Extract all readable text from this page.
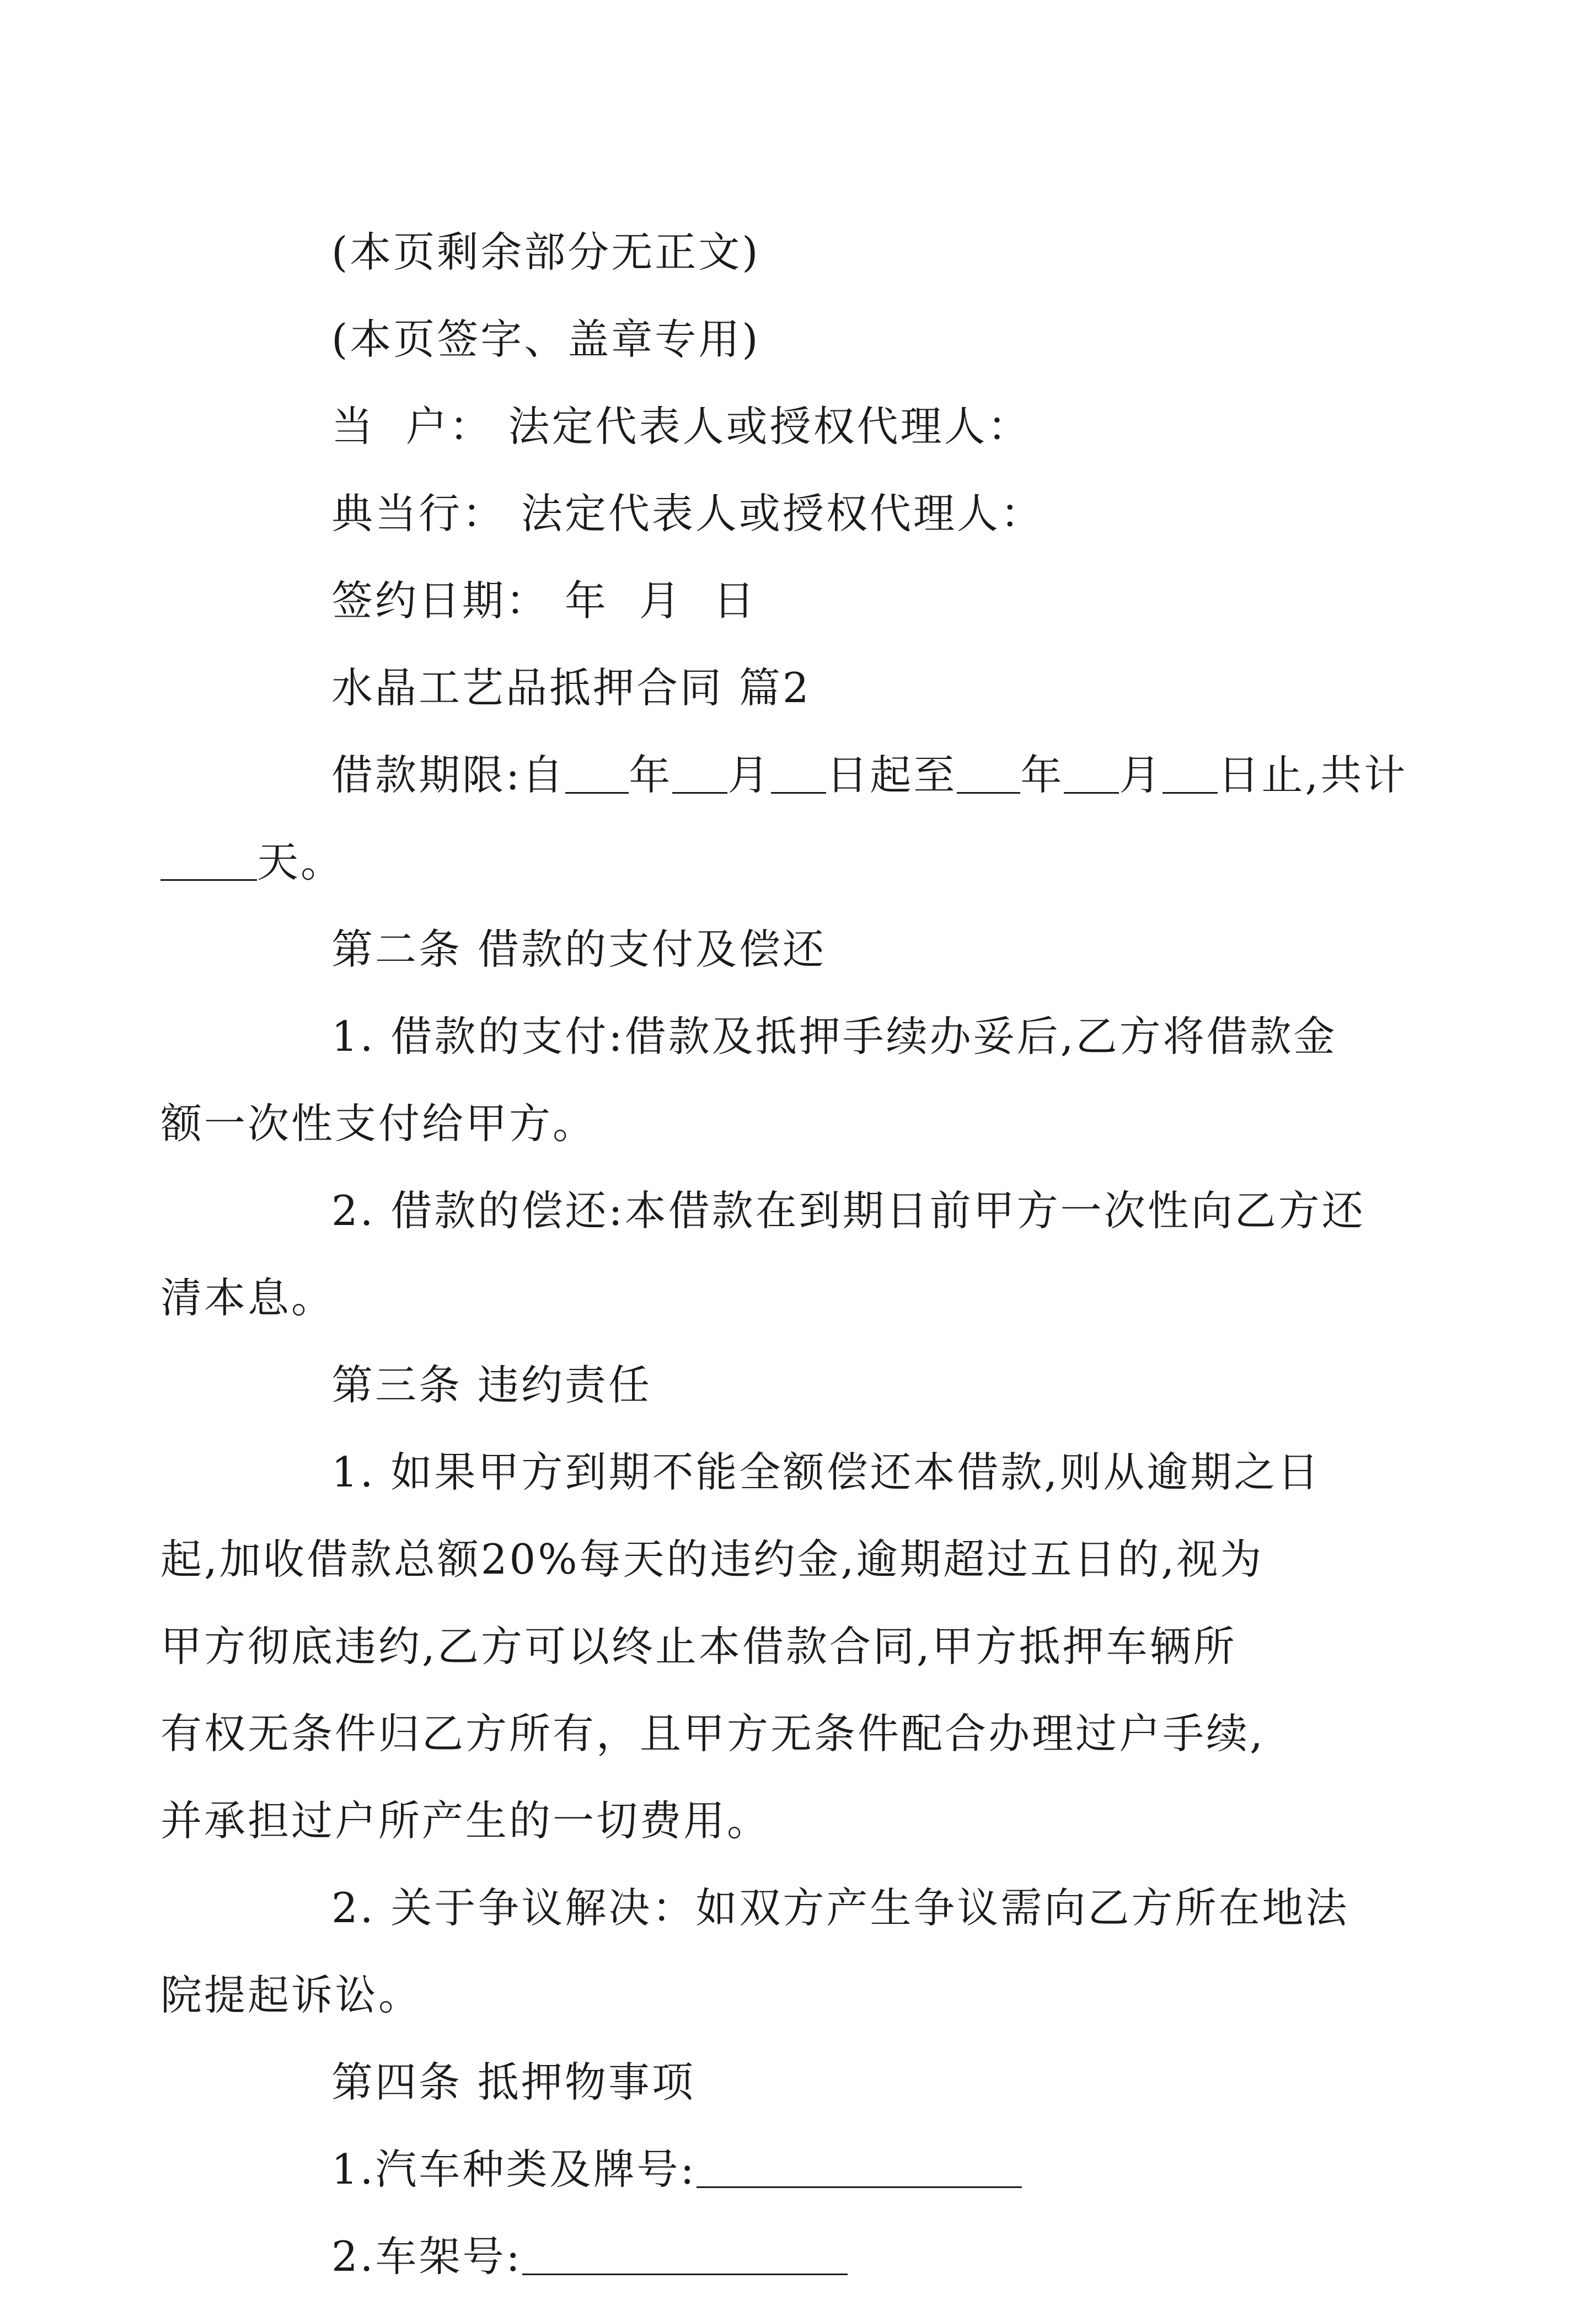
(本页剩余部分无正文)

(本页签字、盖章专用)

当  户： 法定代表人或授权代理人：

典当行： 法定代表人或授权代理人：

签约日期： 年 月 日

水晶工艺品抵押合同 篇2

借款期限:自 年 月 日起至 年 月 日止,共计

天。

第二条 借款的支付及偿还

1. 借款的支付:借款及抵押手续办妥后,乙方将借款金

额一次性支付给甲方。

2. 借款的偿还:本借款在到期日前甲方一次性向乙方还

清本息。

第三条 违约责任

1. 如果甲方到期不能全额偿还本借款,则从逾期之日

起,加收借款总额20%每天的违约金,逾期超过五日的,视为

甲方彻底违约,乙方可以终止本借款合同,甲方抵押车辆所

有权无条件归乙方所有，且甲方无条件配合办理过户手续,

并承担过户所产生的一切费用。

2. 关于争议解决：如双方产生争议需向乙方所在地法

院提起诉讼。

第四条 抵押物事项

1.汽车种类及牌号:

2.车架号:
